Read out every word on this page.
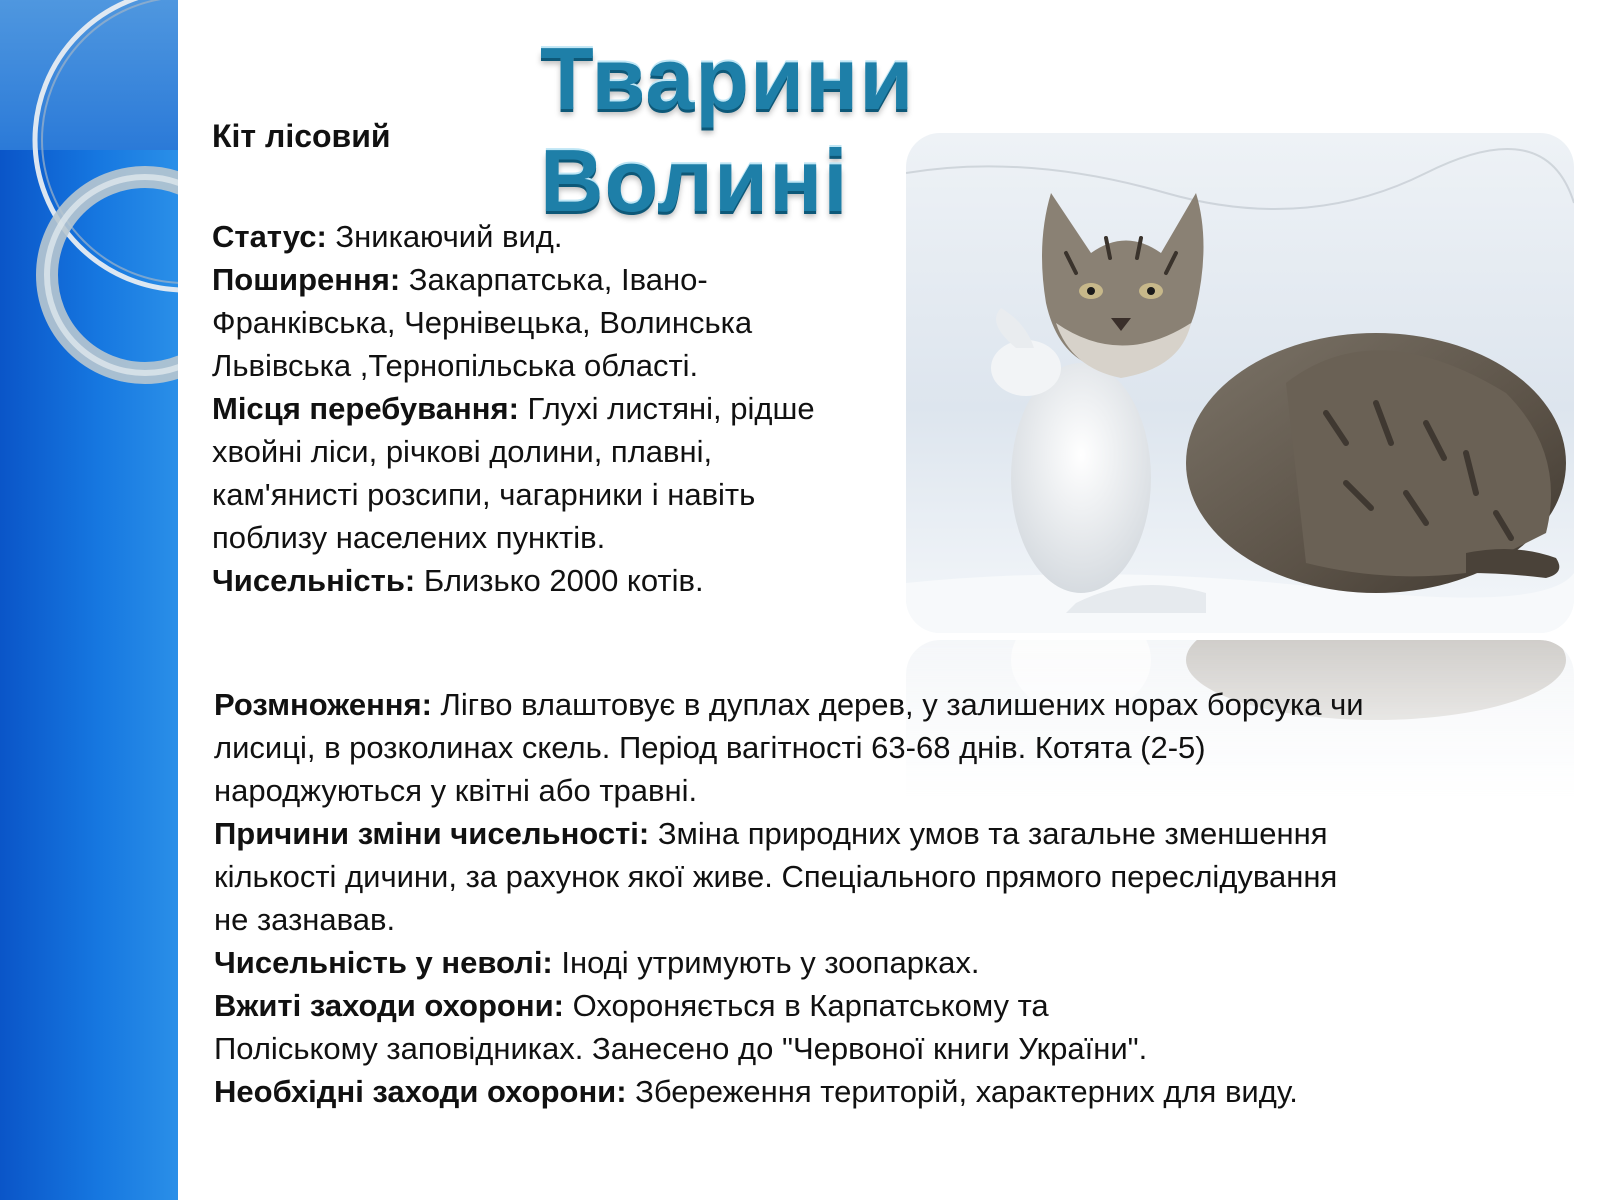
Тварини Волині
Кіт лісовий
Статус: Зникаючий вид.
Поширення: Закарпатська, Івано-
Франківська, Чернівецька, Волинська
Львівська ,Тернопільська області.
Місця перебування: Глухі листяні, рідше
хвойні ліси, річкові долини, плавні,
кам'янисті розсипи, чагарники і навіть
поблизу населених пунктів.
Чисельність: Близько 2000 котів.
Розмноження: Лігво влаштовує в дуплах дерев, у залишених норах борсука чи
лисиці, в розколинах скель. Період вагітності 63-68 днів. Котята (2-5)
народжуються у квітні або травні.
Причини зміни чисельності: Зміна природних умов та загальне зменшення
кількості дичини, за рахунок якої живе. Спеціального прямого переслідування
не зазнавав.
Чисельність у неволі: Іноді утримують у зоопарках.
Вжиті заходи охорони: Охороняється в Карпатському та
Поліському заповідниках. Занесено до "Червоної книги України".
Необхідні заходи охорони: Збереження територій, характерних для виду.
